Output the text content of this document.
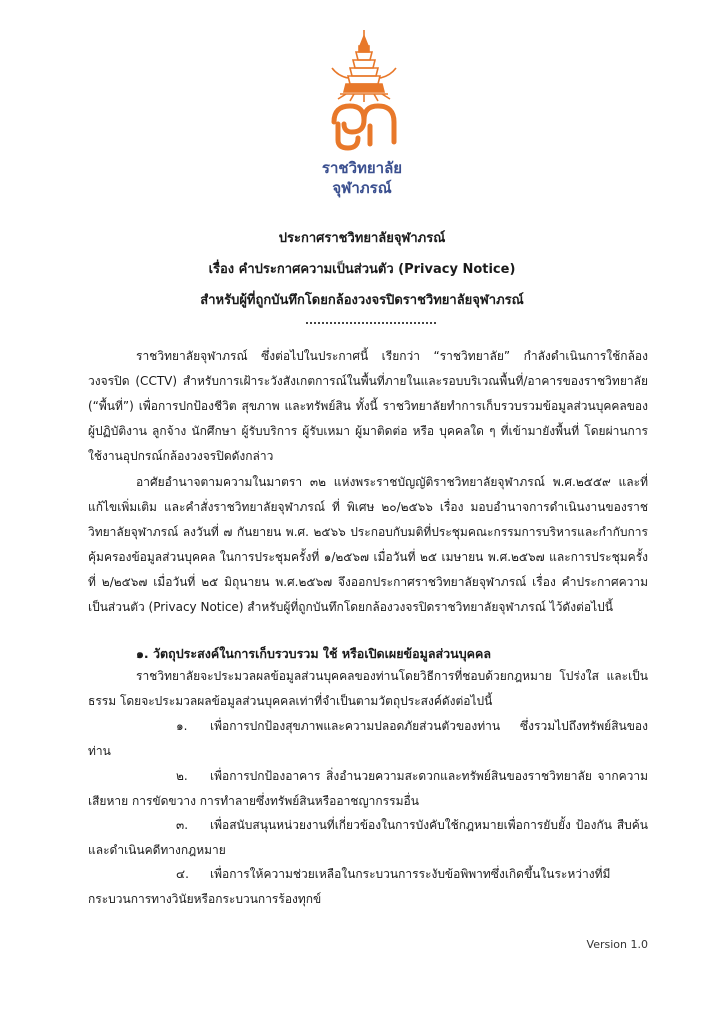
ราชวิทยาลัย
จุฬาภรณ์
ประกาศราชวิทยาลัยจุฬาภรณ์
เรื่อง คำประกาศความเป็นส่วนตัว (Privacy Notice)
สำหรับผู้ที่ถูกบันทึกโดยกล้องวงจรปิดราชวิทยาลัยจุฬาภรณ์
ราชวิทยาลัยจุฬาภรณ์ ซึ่งต่อไปในประกาศนี้ เรียกว่า “ราชวิทยาลัย” กำลังดำเนินการใช้กล้องวงจรปิด (CCTV) สำหรับการเฝ้าระวังสังเกตการณ์ในพื้นที่ภายในและรอบบริเวณพื้นที่/อาคารของราชวิทยาลัย (“พื้นที่”) เพื่อการปกป้องชีวิต สุขภาพ และทรัพย์สิน ทั้งนี้ ราชวิทยาลัยทำการเก็บรวบรวมข้อมูลส่วนบุคคลของผู้ปฏิบัติงาน ลูกจ้าง นักศึกษา ผู้รับบริการ ผู้รับเหมา ผู้มาติดต่อ หรือ บุคคลใด ๆ ที่เข้ามายังพื้นที่ โดยผ่านการใช้งานอุปกรณ์กล้องวงจรปิดดังกล่าว
อาศัยอำนาจตามความในมาตรา ๓๒ แห่งพระราชบัญญัติราชวิทยาลัยจุฬาภรณ์ พ.ศ.๒๕๕๙ และที่แก้ไขเพิ่มเติม และคำสั่งราชวิทยาลัยจุฬาภรณ์ ที่ พิเศษ ๒๐/๒๕๖๖ เรื่อง มอบอำนาจการดำเนินงานของราชวิทยาลัยจุฬาภรณ์ ลงวันที่ ๗ กันยายน พ.ศ. ๒๕๖๖ ประกอบกับมติที่ประชุมคณะกรรมการบริหารและกำกับการคุ้มครองข้อมูลส่วนบุคคล ในการประชุมครั้งที่ ๑/๒๕๖๗ เมื่อวันที่ ๒๕ เมษายน พ.ศ.๒๕๖๗ และการประชุมครั้งที่ ๒/๒๕๖๗ เมื่อวันที่ ๒๕ มิถุนายน พ.ศ.๒๕๖๗ จึงออกประกาศราชวิทยาลัยจุฬาภรณ์ เรื่อง คำประกาศความเป็นส่วนตัว (Privacy Notice) สำหรับผู้ที่ถูกบันทึกโดยกล้องวงจรปิดราชวิทยาลัยจุฬาภรณ์ ไว้ดังต่อไปนี้
๑. วัตถุประสงค์ในการเก็บรวบรวม ใช้ หรือเปิดเผยข้อมูลส่วนบุคคล
ราชวิทยาลัยจะประมวลผลข้อมูลส่วนบุคคลของท่านโดยวิธีการที่ชอบด้วยกฎหมาย โปร่งใส และเป็นธรรม โดยจะประมวลผลข้อมูลส่วนบุคคลเท่าที่จำเป็นตามวัตถุประสงค์ดังต่อไปนี้
๑. เพื่อการปกป้องสุขภาพและความปลอดภัยส่วนตัวของท่าน ซึ่งรวมไปถึงทรัพย์สินของท่าน
๒. เพื่อการปกป้องอาคาร สิ่งอำนวยความสะดวกและทรัพย์สินของราชวิทยาลัย จากความเสียหาย การขัดขวาง การทำลายซึ่งทรัพย์สินหรืออาชญากรรมอื่น
๓. เพื่อสนับสนุนหน่วยงานที่เกี่ยวข้องในการบังคับใช้กฎหมายเพื่อการยับยั้ง ป้องกัน สืบค้น และดำเนินคดีทางกฎหมาย
๔. เพื่อการให้ความช่วยเหลือในกระบวนการระงับข้อพิพาทซึ่งเกิดขึ้นในระหว่างที่มีกระบวนการทางวินัยหรือกระบวนการร้องทุกข์
Version 1.0
